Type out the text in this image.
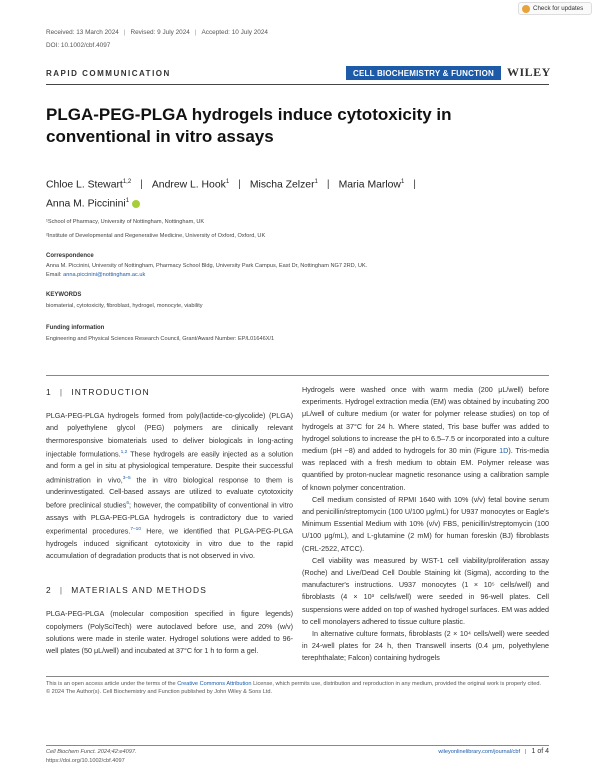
Received: 13 March 2024 | Revised: 9 July 2024 | Accepted: 10 July 2024
DOI: 10.1002/cbf.4097
Check for updates
RAPID COMMUNICATION	CELL BIOCHEMISTRY & FUNCTION	WILEY
PLGA-PEG-PLGA hydrogels induce cytotoxicity in conventional in vitro assays
Chloe L. Stewart$^{1,2}$ | Andrew L. Hook$^1$ | Mischa Zelzer$^1$ | Maria Marlow$^1$ |
Anna M. Piccinini$^1$
¹School of Pharmacy, University of Nottingham, Nottingham, UK
²Institute of Developmental and Regenerative Medicine, University of Oxford, Oxford, UK
Correspondence
Anna M. Piccinini, University of Nottingham, Pharmacy School Bldg, University Park Campus, East Dr, Nottingham NG7 2RD, UK.
Email: anna.piccinini@nottingham.ac.uk
KEYWORDS
biomaterial, cytotoxicity, fibroblast, hydrogel, monocyte, viability
Funding information
Engineering and Physical Sciences Research Council, Grant/Award Number: EP/L01646X/1
1 | INTRODUCTION

PLGA-PEG-PLGA hydrogels formed from poly(lactide-co-glycolide) (PLGA) and polyethylene glycol (PEG) polymers are clinically relevant thermoresponsive biomaterials used to deliver biologicals in long-acting injectable formulations.$^{1,2}$ These hydrogels are easily injected as a solution and form a gel in situ at physiological temperature. Despite their successful administration in vivo,$^{3-5}$ the in vitro biological response to them is underinvestigated. Cell-based assays are utilized to evaluate cytotoxicity before preclinical studies$^6$; however, the compatibility of conventional in vitro assays with PLGA-PEG-PLGA hydrogels is contradictory due to varied experimental procedures.$^{7-10}$ Here, we identified that PLGA-PEG-PLGA hydrogels induced significant cytotoxicity in vitro due to the rapid accumulation of degradation products that is not observed in vivo.

2 | MATERIALS AND METHODS

PLGA-PEG-PLGA (molecular composition specified in figure legends) copolymers (PolySciTech) were autoclaved before use, and 20% (w/v) solutions were made in sterile water. Hydrogel solutions were added to 96-well plates (50 μL/well) and incubated at 37°C for 1 h to form a gel.

Hydrogels were washed once with warm media (200 μL/well) before experiments. Hydrogel extraction media (EM) was obtained by incubating 200 μL/well of culture medium (or water for polymer release studies) on top of hydrogels at 37°C for 24 h. Where stated, Tris base buffer was added to hydrogel solutions to increase the pH to 6.5–7.5 or incorporated into a culture medium (pH ~8) and added to hydrogels for 30 min (Figure 1D). Tris-media was replaced with a fresh medium to obtain EM. Polymer release was quantified by proton-nuclear magnetic resonance using a calibration sample of known polymer concentration.

Cell medium consisted of RPMI 1640 with 10% (v/v) fetal bovine serum and penicillin/streptomycin (100 U/100 μg/mL) for U937 monocytes or Eagle's Minimum Essential Medium with 10% (v/v) FBS, penicillin/streptomycin (100 U/100 μg/mL), and L-glutamine (2 mM) for human foreskin (BJ) fibroblasts (CRL-2522, ATCC).

Cell viability was measured by WST-1 cell viability/proliferation assay (Roche) and Live/Dead Cell Double Staining kit (Sigma), according to the manufacturer's instructions. U937 monocytes (1 × 10⁵ cells/well) and fibroblasts (4 × 10³ cells/well) were seeded in 96-well plates. Cell suspensions were added on top of washed hydrogel surfaces. EM was added to cell monolayers adhered to tissue culture plastic.

In alternative culture formats, fibroblasts (2 × 10⁴ cells/well) were seeded in 24-well plates for 24 h, then Transwell inserts (0.4 μm, polyethylene terephthalate; Falcon) containing hydrogels

This is an open access article under the terms of the Creative Commons Attribution License, which permits use, distribution and reproduction in any medium, provided the original work is properly cited.
© 2024 The Author(s). Cell Biochemistry and Function published by John Wiley & Sons Ltd.
Cell Biochem Funct. 2024;42:e4097.
https://doi.org/10.1002/cbf.4097
wileyonlinelibrary.com/journal/cbf | 1 of 4
